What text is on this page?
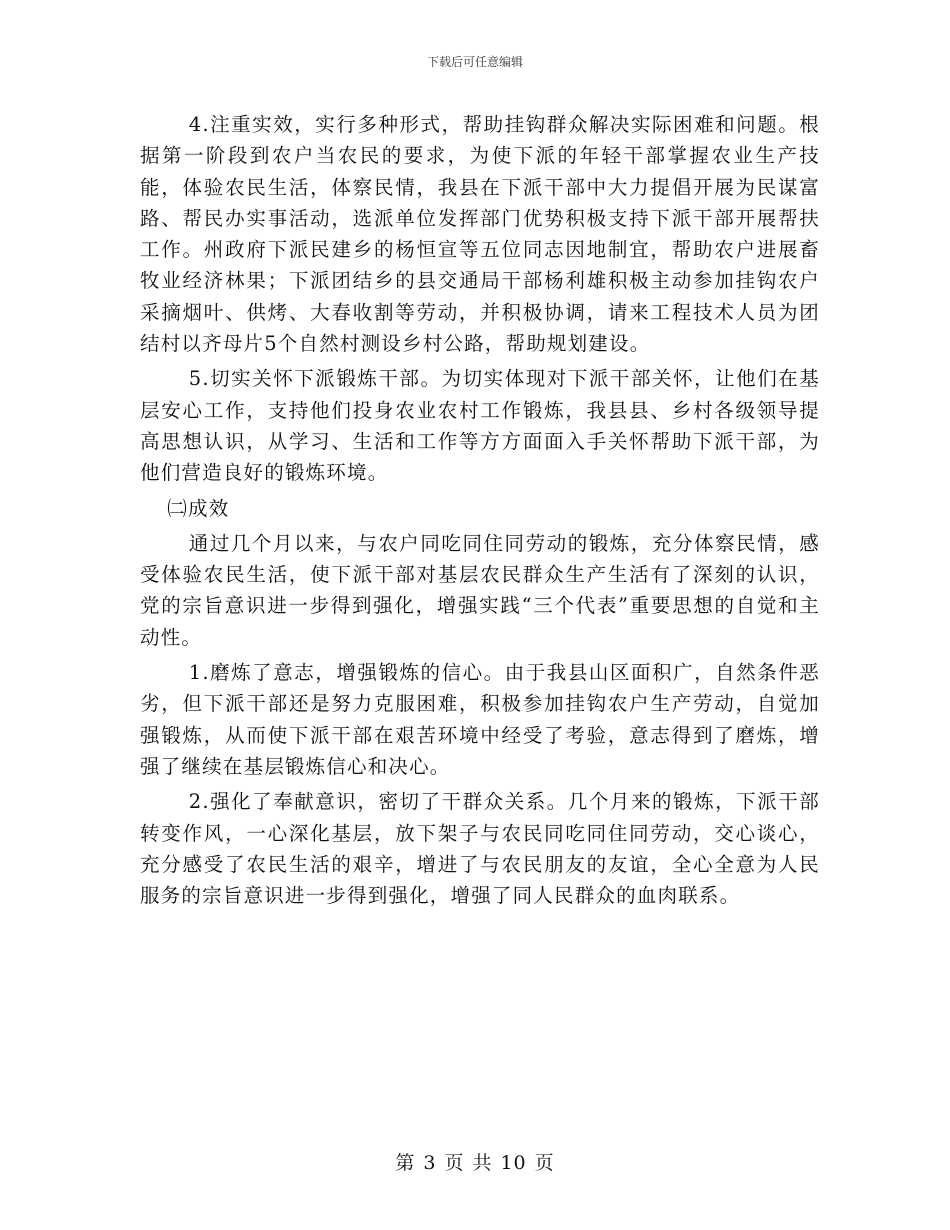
下载后可任意编辑

4.注重实效，实行多种形式，帮助挂钩群众解决实际困难和问题。根据第一阶段到农户当农民的要求，为使下派的年轻干部掌握农业生产技能，体验农民生活，体察民情，我县在下派干部中大力提倡开展为民谋富路、帮民办实事活动，选派单位发挥部门优势积极支持下派干部开展帮扶工作。州政府下派民建乡的杨恒宣等五位同志因地制宜，帮助农户进展畜牧业经济林果；下派团结乡的县交通局干部杨利雄积极主动参加挂钩农户采摘烟叶、供烤、大春收割等劳动，并积极协调，请来工程技术人员为团结村以齐母片5个自然村测设乡村公路，帮助规划建设。

5.切实关怀下派锻炼干部。为切实体现对下派干部关怀，让他们在基层安心工作，支持他们投身农业农村工作锻炼，我县县、乡村各级领导提高思想认识，从学习、生活和工作等方方面面入手关怀帮助下派干部，为他们营造良好的锻炼环境。

㈡成效

通过几个月以来，与农户同吃同住同劳动的锻炼，充分体察民情，感受体验农民生活，使下派干部对基层农民群众生产生活有了深刻的认识，党的宗旨意识进一步得到强化，增强实践“三个代表”重要思想的自觉和主动性。

1.磨炼了意志，增强锻炼的信心。由于我县山区面积广，自然条件恶劣，但下派干部还是努力克服困难，积极参加挂钩农户生产劳动，自觉加强锻炼，从而使下派干部在艰苦环境中经受了考验，意志得到了磨炼，增强了继续在基层锻炼信心和决心。

2.强化了奉献意识，密切了干群众关系。几个月来的锻炼，下派干部转变作风，一心深化基层，放下架子与农民同吃同住同劳动，交心谈心，充分感受了农民生活的艰辛，增进了与农民朋友的友谊，全心全意为人民服务的宗旨意识进一步得到强化，增强了同人民群众的血肉联系。

第 3 页 共 10 页
